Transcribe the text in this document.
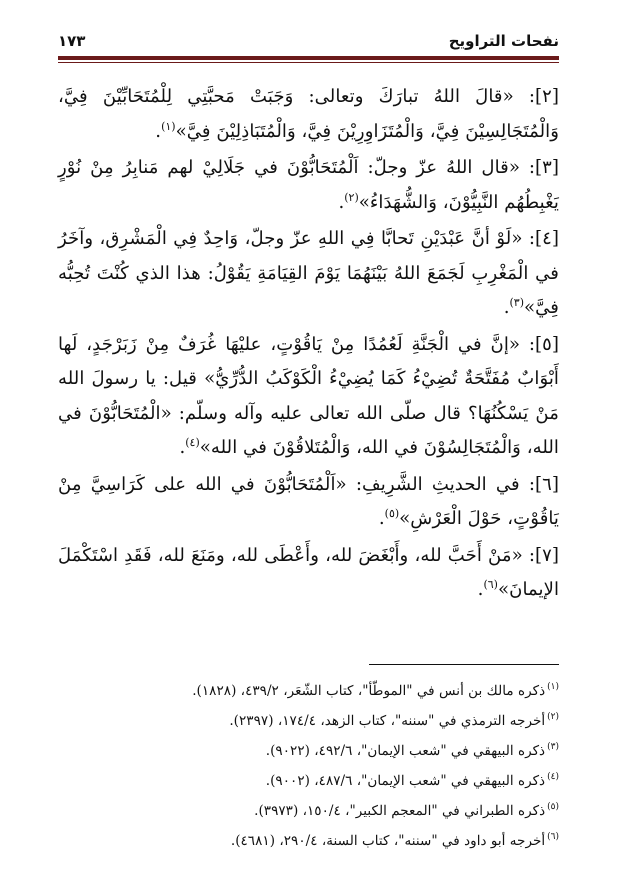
نفحات التراويح
١٧٣

[٢]: «قالَ اللهُ تبارَكَ وتعالى: وَجَبَتْ مَحبَّتِي لِلْمُتَحَابِّيْنَ فِيَّ، وَالْمُتَجَالِسِيْنَ فِيَّ، وَالْمُتَزَاوِرِيْنَ فِيَّ، وَالْمُتَبَاذِلِيْنَ فِيَّ»$^{(١)}$.

[٣]: «قال اللهُ عزّ وجلّ: اَلْمُتَحَابُّوْنَ في جَلَالِيْ لهم مَنابِرُ مِنْ نُوْرٍ يَغْبِطُهُم النَّبِيُّوْنَ، وَالشُّهَدَاءُ»$^{(٢)}$.

[٤]: «لَوْ أنَّ عَبْدَيْنِ تَحابَّا فِي اللهِ عزّ وجلّ، وَاحِدٌ فِي الْمَشْرِق، وآخَرُ في الْمَغْرِبِ لَجَمَعَ اللهُ بَيْنَهُمَا يَوْمَ القِيَامَةِ يَقُوْلُ: هذا الذي كُنْتَ تُحِبُّه فِيَّ»$^{(٣)}$.

[٥]: «إنَّ في الْجَنَّةِ لَعُمُدًا مِنْ يَاقُوْتٍ، عليْهَا غُرَفٌ مِنْ زَبَرْجَدٍ، لَها أَبْوَابٌ مُفَتَّحَةٌ تُضِيْءُ كَمَا يُضِيْءُ الْكَوْكَبُ الدُّرِّيُّ» قيل: يا رسولَ الله مَنْ يَسْكُنُهَا؟ قال صلّى الله تعالى عليه وآله وسلّم: «الْمُتَحَابُّوْنَ في الله، وَالْمُتَجَالِسُوْنَ في الله، وَالْمُتَلاقُوْنَ في الله»$^{(٤)}$.

[٦]: في الحديثِ الشَّرِيفِ: «اَلْمُتَحَابُّوْنَ في الله على كَرَاسِيَّ مِنْ يَاقُوْتٍ، حَوْلَ الْعَرْشِ»$^{(٥)}$.

[٧]: «مَنْ أَحَبَّ لله، وأَبْغَضَ لله، وأَعْطَى لله، ومَنَعَ لله، فَقَدِ اسْتَكْمَلَ الإيمانَ»$^{(٦)}$.

$^{(١)}$ذكره مالك بن أنس في "الموطّأ"، كتاب الشّعَر، ٤٣٩/٢، (١٨٢٨).

$^{(٢)}$أخرجه الترمذي في "سننه"، كتاب الزهد، ١٧٤/٤، (٢٣٩٧).

$^{(٣)}$ذكره البيهقي في "شعب الإيمان"، ٤٩٢/٦، (٩٠٢٢).

$^{(٤)}$ذكره البيهقي في "شعب الإيمان"، ٤٨٧/٦، (٩٠٠٢).

$^{(٥)}$ذكره الطبراني في "المعجم الكبير"، ١٥٠/٤، (٣٩٧٣).

$^{(٦)}$أخرجه أبو داود في "سننه"، كتاب السنة، ٢٩٠/٤، (٤٦٨١).
